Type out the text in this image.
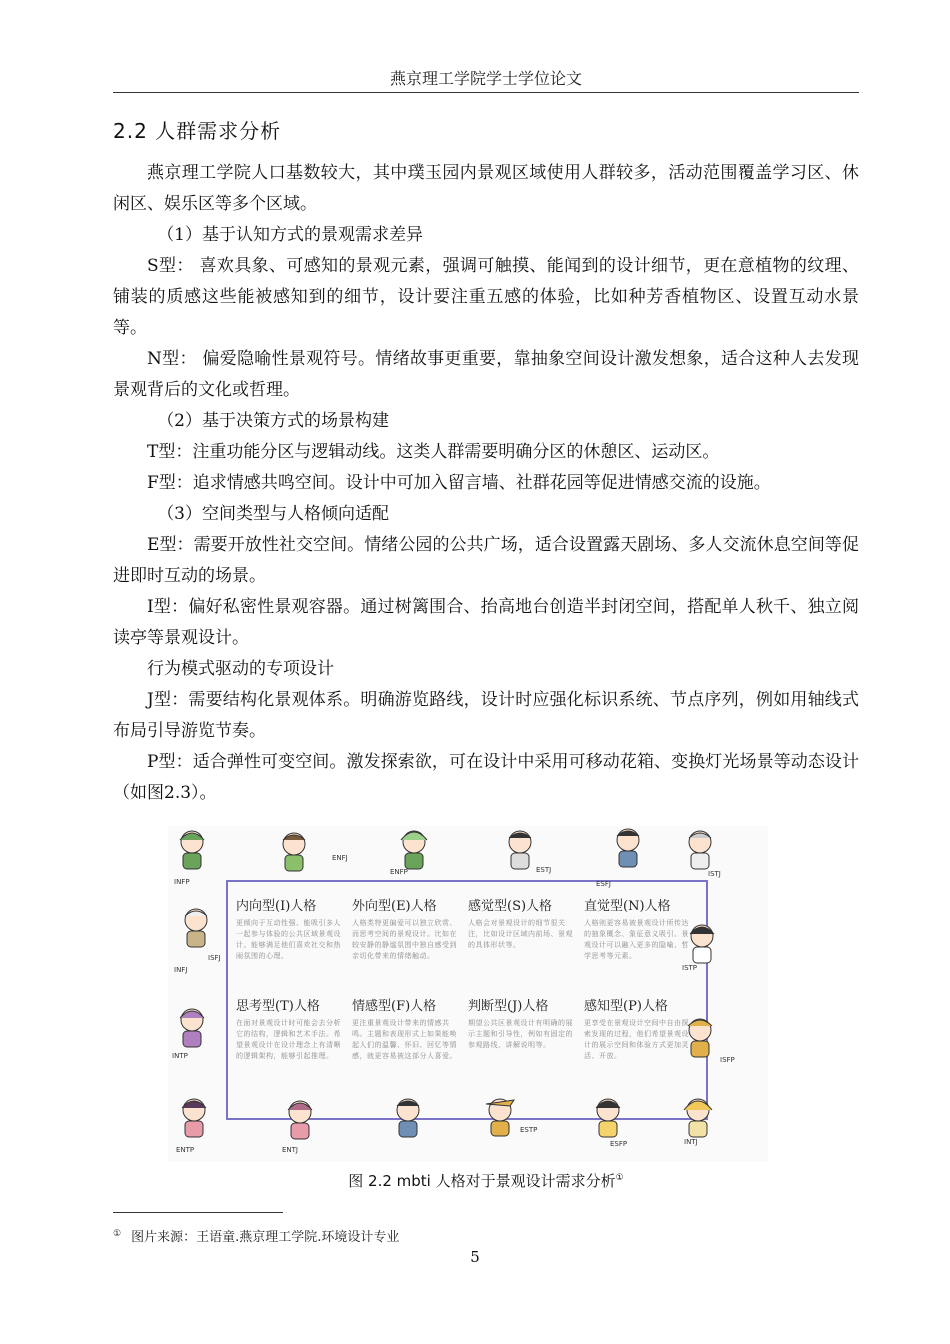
燕京理工学院学士学位论文
2.2 人群需求分析

燕京理工学院人口基数较大，其中璞玉园内景观区域使用人群较多，活动范围覆盖学习区、休闲区、娱乐区等多个区域。

（1）基于认知方式的景观需求差异

S型： 喜欢具象、可感知的景观元素，强调可触摸、能闻到的设计细节，更在意植物的纹理、铺装的质感这些能被感知到的细节，设计要注重五感的体验，比如种芳香植物区、设置互动水景等。

N型： 偏爱隐喻性景观符号。情绪故事更重要，靠抽象空间设计激发想象，适合这种人去发现景观背后的文化或哲理。

（2）基于决策方式的场景构建

T型：注重功能分区与逻辑动线。这类人群需要明确分区的休憩区、运动区。

F型：追求情感共鸣空间。设计中可加入留言墙、社群花园等促进情感交流的设施。

（3）空间类型与人格倾向适配

E型：需要开放性社交空间。情绪公园的公共广场，适合设置露天剧场、多人交流休息空间等促进即时互动的场景。

I型：偏好私密性景观容器。通过树篱围合、抬高地台创造半封闭空间，搭配单人秋千、独立阅读亭等景观设计。

行为模式驱动的专项设计

J型：需要结构化景观体系。明确游览路线，设计时应强化标识系统、节点序列，例如用轴线式布局引导游览节奏。

P型：适合弹性可变空间。激发探索欲，可在设计中采用可移动花箱、变换灯光场景等动态设计（如图2.3）。

内向型(I)人格
更倾向于互动性强、能吸引多人一起参与体验的公共区域景观设计。能够满足他们喜欢社交和热闹氛围的心理。
外向型(E)人格
人格类特更偏爱可以独立欣赏、而思考空间的景观设计。比如在较安静的静谧氛围中独自感受到亲切化带来的情绪触动。
感觉型(S)人格
人格会对景观设计的细节很关注，比如设计区域内前场、景观的具体形状等。
直觉型(N)人格
人格则更容易被景观设计所传达的抽象概念、象征意义吸引。景观设计可以融入更多的隐喻、哲学思考等元素。
思考型(T)人格
在面对景观设计时可能会去分析它的结构，逻辑和艺术手法。希望景观设计在设计理念上有清晰的逻辑架构，能够引起推理。
情感型(F)人格
更注重景观设计带来的情感共鸣。主题和表现形式上如果能唤起人们的温馨、怀旧、回忆等情感，就更容易被这部分人喜爱。
判断型(J)人格
期望公共区景观设计有明确的展示主题和引导性，例如有固定的参观路线，讲解说明等。
感知型(P)人格
更享受在景观设计空间中自由探索发现的过程，他们希望景观设计的展示空间和体验方式更加灵活、开放。
INFP
ENFJ
ENFP	ESTJ
ESFJ
ISTJ
INFJ
INTP	ISFP
ENTP	ENTJ
ESTP
ESFP
ISTP
INTJ
ISFJ
图 2.2 mbti 人格对于景观设计需求分析①
① 图片来源：王语童.燕京理工学院.环境设计专业
5
